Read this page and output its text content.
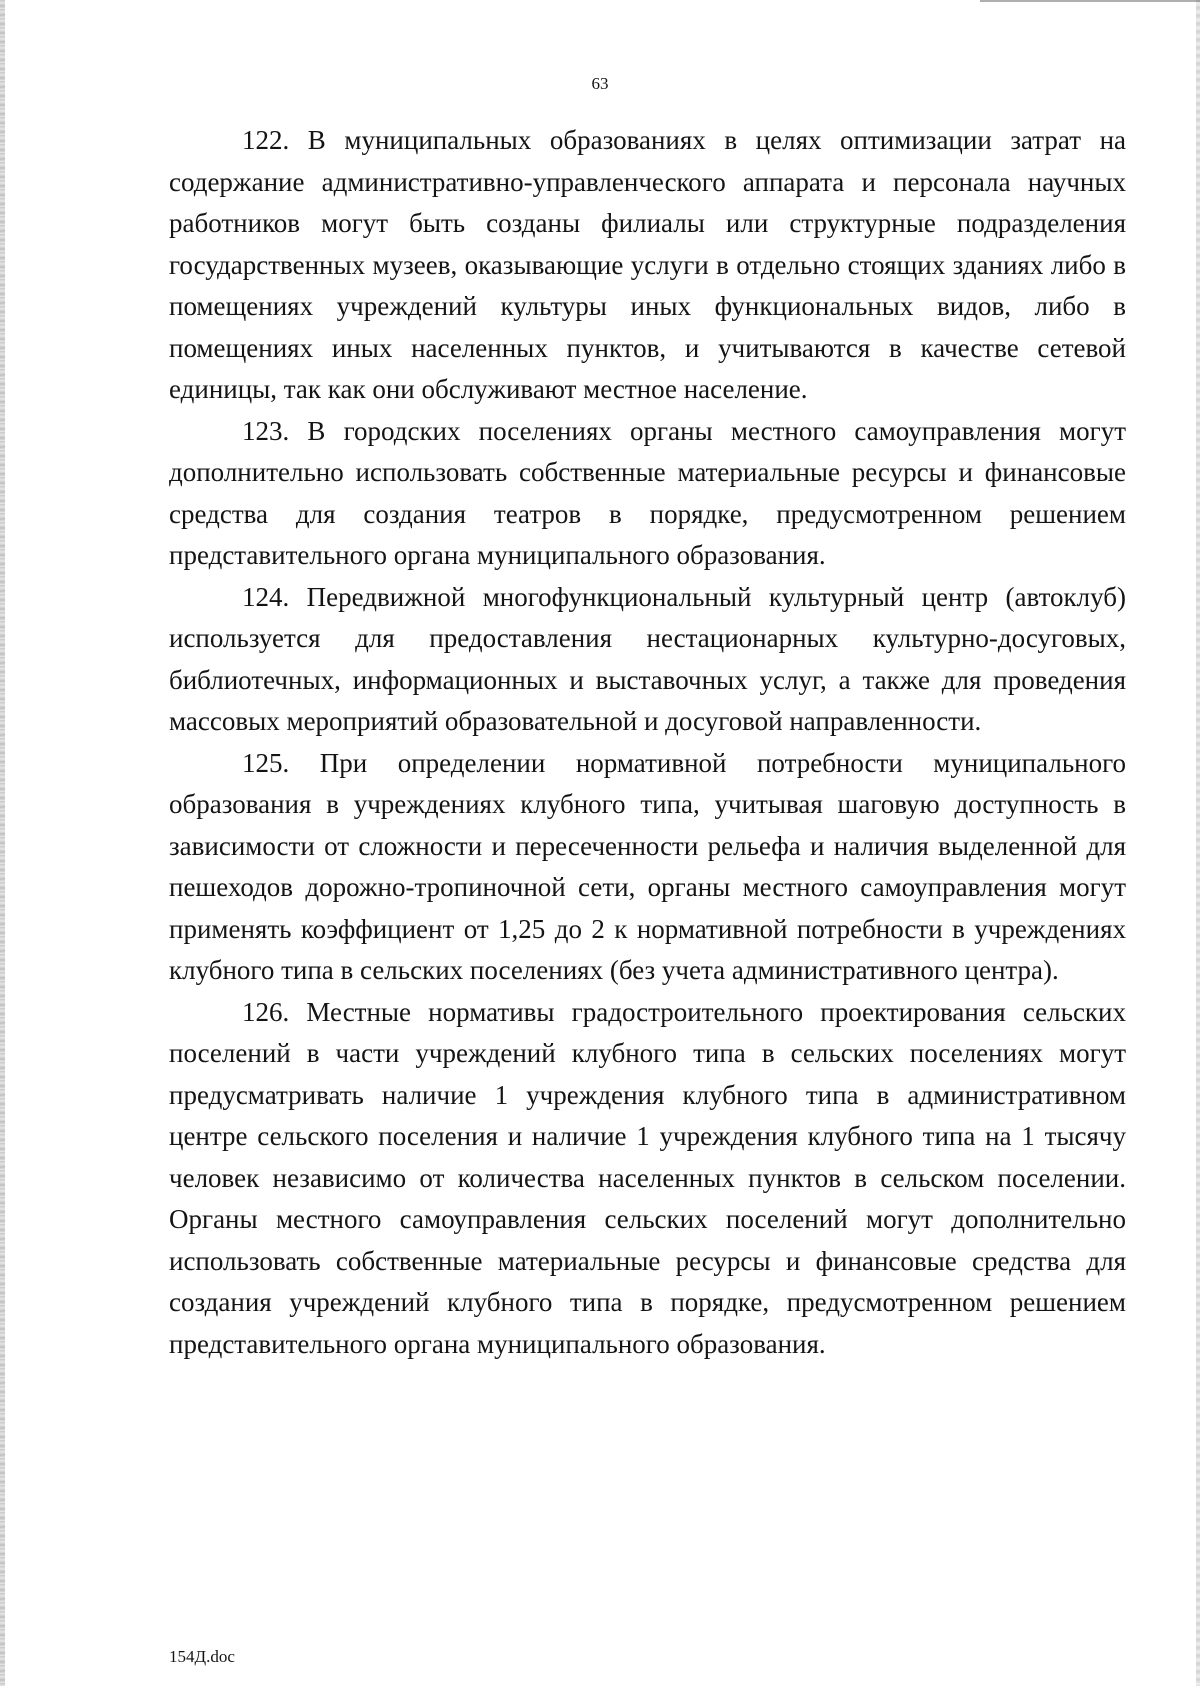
63

122. В муниципальных образованиях в целях оптимизации затрат на содержание административно-управленческого аппарата и персонала научных работников могут быть созданы филиалы или структурные подразделения государственных музеев, оказывающие услуги в отдельно стоящих зданиях либо в помещениях учреждений культуры иных функциональных видов, либо в помещениях иных населенных пунктов, и учитываются в качестве сетевой единицы, так как они обслуживают местное население.

123. В городских поселениях органы местного самоуправления могут дополнительно использовать собственные материальные ресурсы и финансовые средства для создания театров в порядке, предусмотренном решением представительного органа муниципального образования.

124. Передвижной многофункциональный культурный центр (автоклуб) используется для предоставления нестационарных культурно-досуговых, библиотечных, информационных и выставочных услуг, а также для проведения массовых мероприятий образовательной и досуговой направленности.

125. При определении нормативной потребности муниципального образования в учреждениях клубного типа, учитывая шаговую доступность в зависимости от сложности и пересеченности рельефа и наличия выделенной для пешеходов дорожно-тропиночной сети, органы местного самоуправления могут применять коэффициент от 1,25 до 2 к нормативной потребности в учреждениях клубного типа в сельских поселениях (без учета административного центра).

126. Местные нормативы градостроительного проектирования сельских поселений в части учреждений клубного типа в сельских поселениях могут предусматривать наличие 1 учреждения клубного типа в административном центре сельского поселения и наличие 1 учреждения клубного типа на 1 тысячу человек независимо от количества населенных пунктов в сельском поселении. Органы местного самоуправления сельских поселений могут дополнительно использовать собственные материальные ресурсы и финансовые средства для создания учреждений клубного типа в порядке, предусмотренном решением представительного органа муниципального образования.

154Д.doc
